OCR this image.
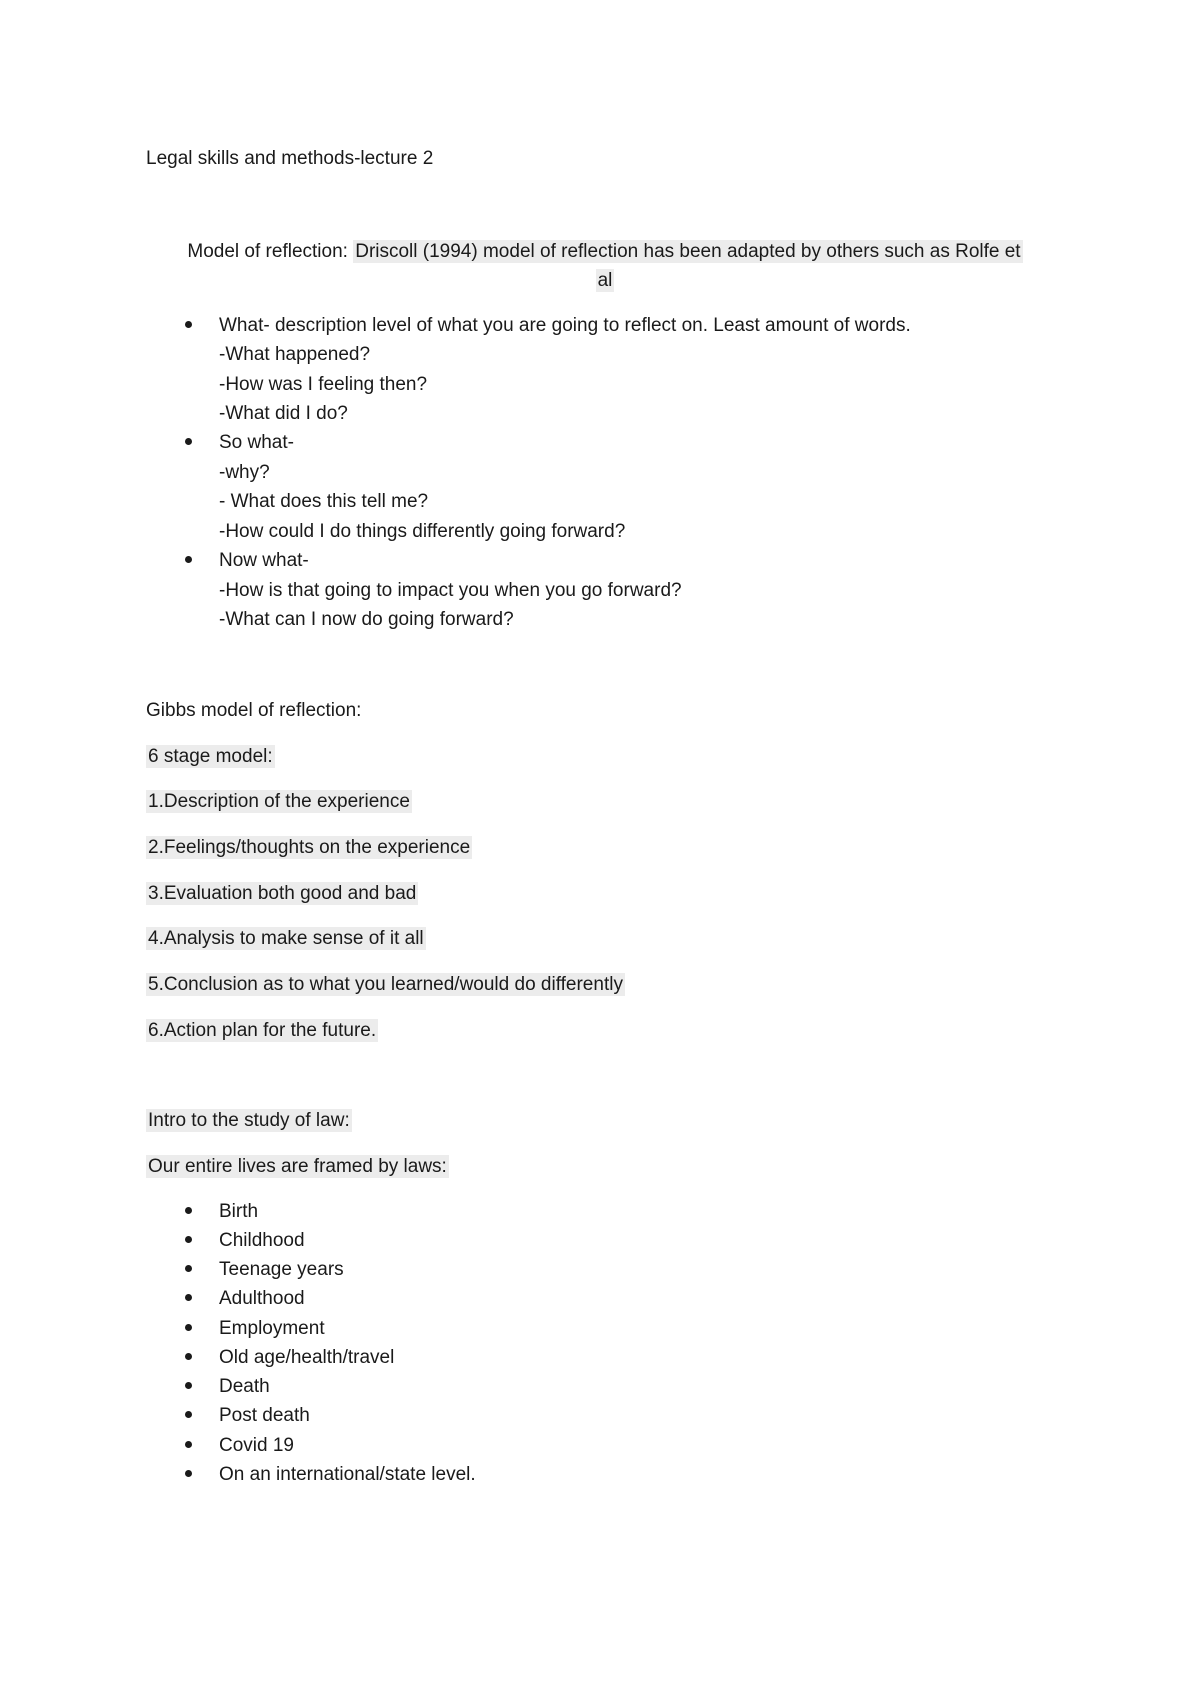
Legal skills and methods-lecture 2
Model of reflection: Driscoll (1994) model of reflection has been adapted by others such as Rolfe et
al
What- description level of what you are going to reflect on. Least amount of words.
-What happened?
-How was I feeling then?
-What did I do?
So what-
-why?
- What does this tell me?
-How could I do things differently going forward?
Now what-
-How is that going to impact you when you go forward?
-What can I now do going forward?
Gibbs model of reflection:
6 stage model:
1.Description of the experience
2.Feelings/thoughts on the experience
3.Evaluation both good and bad
4.Analysis to make sense of it all
5.Conclusion as to what you learned/would do differently
6.Action plan for the future.
Intro to the study of law:
Our entire lives are framed by laws:
Birth
Childhood
Teenage years
Adulthood
Employment
Old age/health/travel
Death
Post death
Covid 19
On an international/state level.
